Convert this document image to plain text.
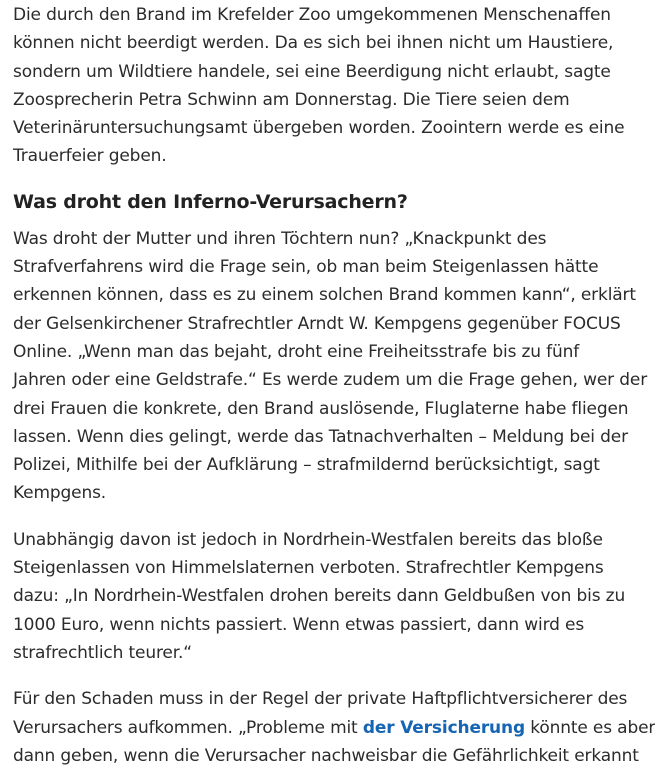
Die durch den Brand im Krefelder Zoo umgekommenen Menschenaffen
können nicht beerdigt werden. Da es sich bei ihnen nicht um Haustiere,
sondern um Wildtiere handele, sei eine Beerdigung nicht erlaubt, sagte
Zoosprecherin Petra Schwinn am Donnerstag. Die Tiere seien dem
Veterinäruntersuchungsamt übergeben worden. Zoointern werde es eine
Trauerfeier geben.

Was droht den Inferno-Verursachern?

Was droht der Mutter und ihren Töchtern nun? „Knackpunkt des
Strafverfahrens wird die Frage sein, ob man beim Steigenlassen hätte
erkennen können, dass es zu einem solchen Brand kommen kann“, erklärt
der Gelsenkirchener Strafrechtler Arndt W. Kempgens gegenüber FOCUS
Online. „Wenn man das bejaht, droht eine Freiheitsstrafe bis zu fünf
Jahren oder eine Geldstrafe.“ Es werde zudem um die Frage gehen, wer der
drei Frauen die konkrete, den Brand auslösende, Fluglaterne habe fliegen
lassen. Wenn dies gelingt, werde das Tatnachverhalten – Meldung bei der
Polizei, Mithilfe bei der Aufklärung – strafmildernd berücksichtigt, sagt
Kempgens.

Unabhängig davon ist jedoch in Nordrhein-Westfalen bereits das bloße
Steigenlassen von Himmelslaternen verboten. Strafrechtler Kempgens
dazu: „In Nordrhein-Westfalen drohen bereits dann Geldbußen von bis zu
1000 Euro, wenn nichts passiert. Wenn etwas passiert, dann wird es
strafrechtlich teurer.“

Für den Schaden muss in der Regel der private Haftpflichtversicherer des
Verursachers aufkommen. „Probleme mit der Versicherung könnte es aber
dann geben, wenn die Verursacher nachweisbar die Gefährlichkeit erkannt
